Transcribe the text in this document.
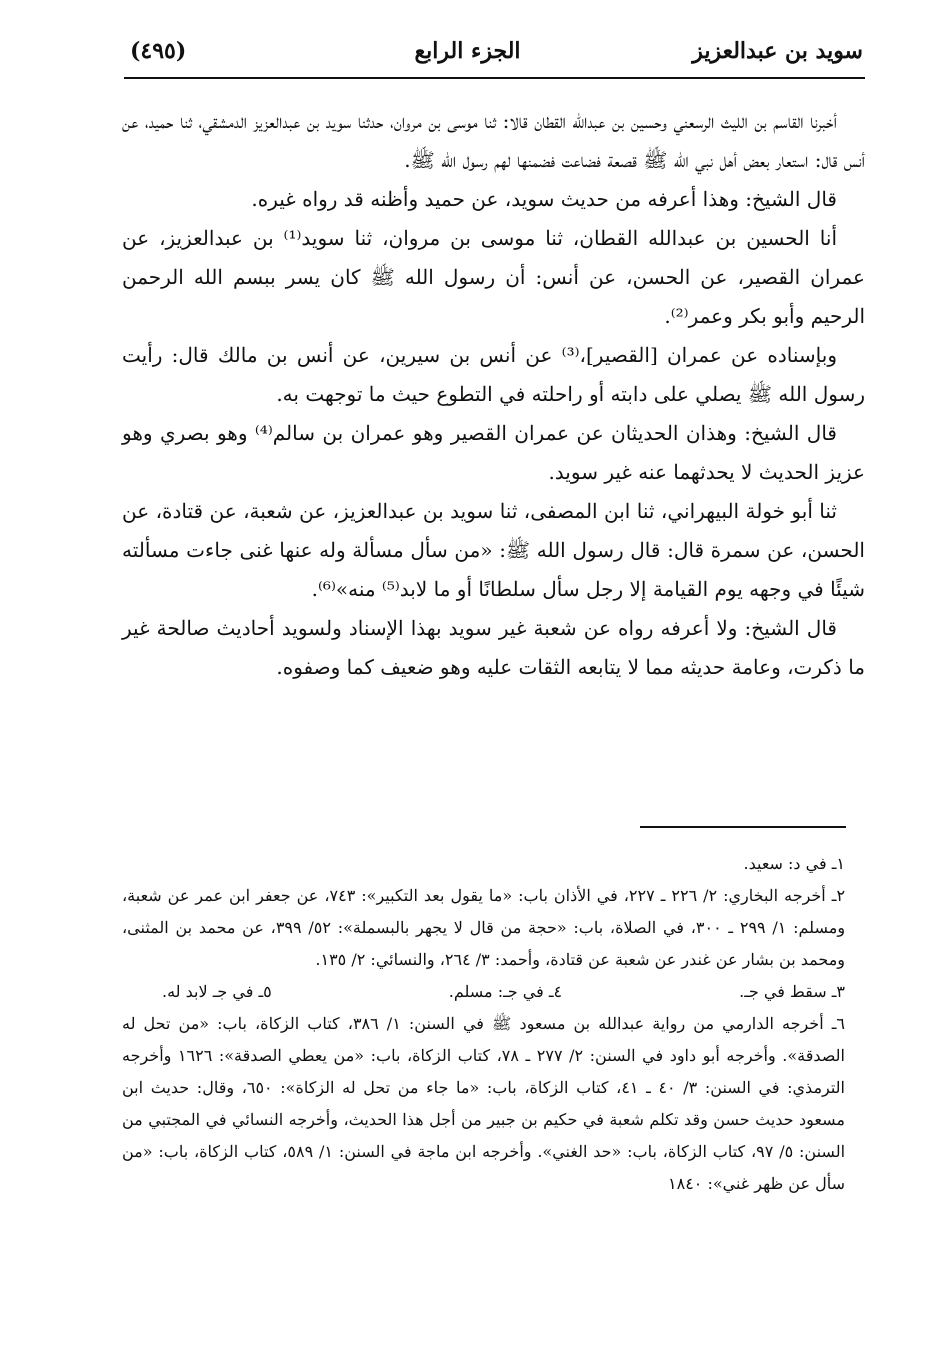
سويد بن عبدالعزيز
الجزء الرابع
(٤٩٥)

أخبرنا القاسم بن الليث الرسعني وحسين بن عبدالله القطان قالا: ثنا موسى بن مروان، حدثنا سويد بن عبدالعزيز الدمشقي، ثنا حميد، عن أنس قال: استعار بعض أهل نبي الله ﷺ قصعة فضاعت فضمنها لهم رسول الله ﷺ.

قال الشيخ: وهذا أعرفه من حديث سويد، عن حميد وأظنه قد رواه غيره.

أنا الحسين بن عبدالله القطان، ثنا موسى بن مروان، ثنا سويد⁽¹⁾ بن عبدالعزيز، عن عمران القصير، عن الحسن، عن أنس: أن رسول الله ﷺ كان يسر ببسم الله الرحمن الرحيم وأبو بكر وعمر⁽²⁾.

وبإسناده عن عمران [القصير]،⁽³⁾ عن أنس بن سيرين، عن أنس بن مالك قال: رأيت رسول الله ﷺ يصلي على دابته أو راحلته في التطوع حيث ما توجهت به.

قال الشيخ: وهذان الحديثان عن عمران القصير وهو عمران بن سالم⁽⁴⁾ وهو بصري وهو عزيز الحديث لا يحدثهما عنه غير سويد.

ثنا أبو خولة البيهراني، ثنا ابن المصفى، ثنا سويد بن عبدالعزيز، عن شعبة، عن قتادة، عن الحسن، عن سمرة قال: قال رسول الله ﷺ: «من سأل مسألة وله عنها غنى جاءت مسألته شيئًا في وجهه يوم القيامة إلا رجل سأل سلطانًا أو ما لابد⁽⁵⁾ منه»⁽⁶⁾.

قال الشيخ: ولا أعرفه رواه عن شعبة غير سويد بهذا الإسناد ولسويد أحاديث صالحة غير ما ذكرت، وعامة حديثه مما لا يتابعه الثقات عليه وهو ضعيف كما وصفوه.

١ـ في د: سعيد.

٢ـ أخرجه البخاري: ٢/ ٢٢٦ ـ ٢٢٧، في الأذان باب: «ما يقول بعد التكبير»: ٧٤٣، عن جعفر ابن عمر عن شعبة، ومسلم: ١/ ٢٩٩ ـ ٣٠٠، في الصلاة، باب: «حجة من قال لا يجهر بالبسملة»: ٥٢/ ٣٩٩، عن محمد بن المثنى، ومحمد بن بشار عن غندر عن شعبة عن قتادة، وأحمد: ٣/ ٢٦٤، والنسائي: ٢/ ١٣٥.

٣ـ سقط في جـ.
٤ـ في جـ: مسلم.
٥ـ في جـ لابد له.

٦ـ أخرجه الدارمي من رواية عبدالله بن مسعود ﷺ في السنن: ١/ ٣٨٦، كتاب الزكاة، باب: «من تحل له الصدقة». وأخرجه أبو داود في السنن: ٢/ ٢٧٧ ـ ٧٨، كتاب الزكاة، باب: «من يعطي الصدقة»: ١٦٢٦ وأخرجه الترمذي: في السنن: ٣/ ٤٠ ـ ٤١، كتاب الزكاة، باب: «ما جاء من تحل له الزكاة»: ٦٥٠، وقال: حديث ابن مسعود حديث حسن وقد تكلم شعبة في حكيم بن جبير من أجل هذا الحديث، وأخرجه النسائي في المجتبي من السنن: ٥/ ٩٧، كتاب الزكاة، باب: «حد الغني». وأخرجه ابن ماجة في السنن: ١/ ٥٨٩، كتاب الزكاة، باب: «من سأل عن ظهر غني»: ١٨٤٠
